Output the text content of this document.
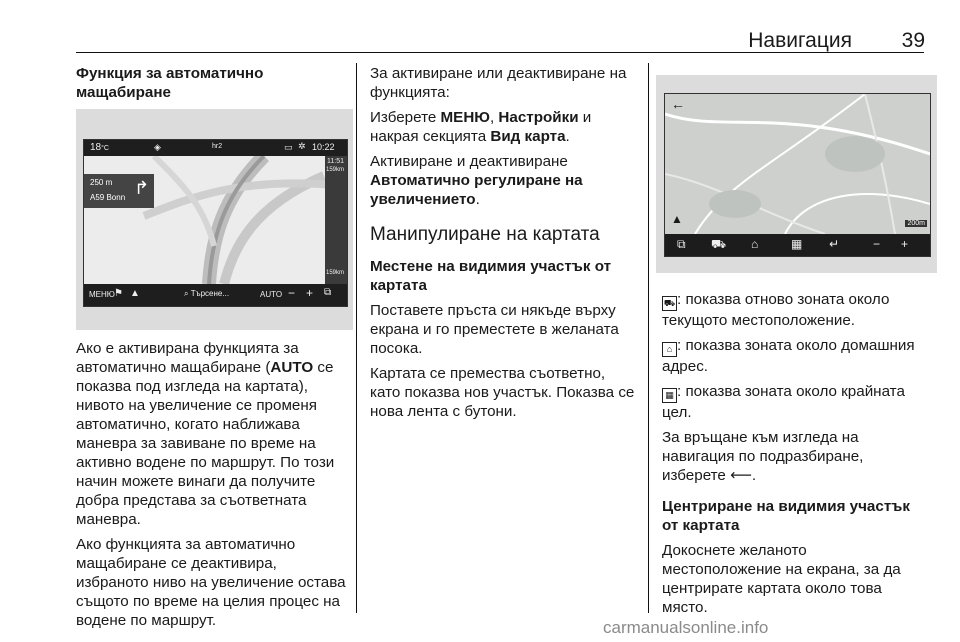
Навигация 39

Функция за автоматично мащабиране

18°C	◈	hr2	▭ ✲ 10:22
250 m
A59 Bonn ↱
11:51
159km
159km
МЕНЮ ⚑ ▲	⌕ Търсене...	AUTO − + ⧉

Ако е активирана функцията за автоматично мащабиране (AUTO се показва под изгледа на картата), нивото на увеличение се променя автоматично, когато наближава маневра за завиване по време на активно водене по маршрут. По този начин можете винаги да получите добра представа за съответната маневра.

Ако функцията за автоматично мащабиране се деактивира, избраното ниво на увеличение остава същото по време на целия процес на водене по маршрут.

За активиране или деактивиране на функцията:

Изберете МЕНЮ, Настройки и накрая секцията Вид карта.

Активиране и деактивиране Автоматично регулиране на увеличението.

Манипулиране на картата

Местене на видимия участък от картата

Поставете пръста си някъде върху екрана и го преместете в желаната посока.

Картата се премества съответно, като показва нов участък. Показва се нова лента с бутони.

←
▲	200m
⧉ ⛟ ⌂	▦ ↵	− +

⛟ : показва отново зоната около текущото местоположение.

⌂ : показва зоната около домашния адрес.

▦ : показва зоната около крайната цел.

За връщане към изгледа на навигация по подразбиране, изберете ⟵.

Центриране на видимия участък от картата

Докоснете желаното местоположение на екрана, за да центрирате картата около това място.

carmanualsonline.info
